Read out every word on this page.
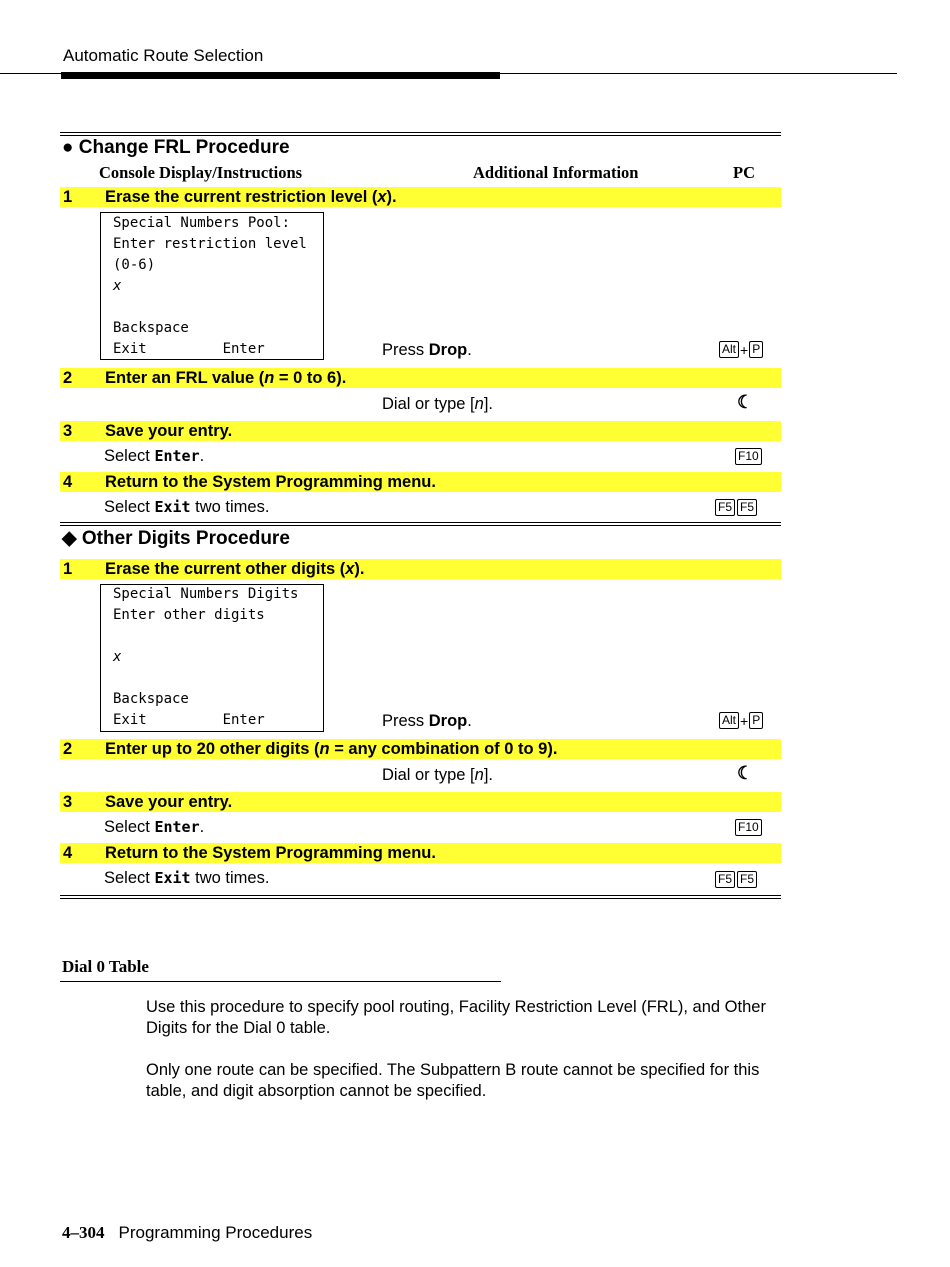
Automatic Route Selection
● Change FRL Procedure
Console Display/Instructions	Additional Information	PC
1 Erase the current restriction level (x).
Special Numbers Pool:
Enter restriction level
(0-6)
x
Backspace
Exit         Enter	Press Drop.	Alt + P
2 Enter an FRL value (n = 0 to 6).
Dial or type [n].	☾
3 Save your entry.
Select Enter.	F10
4 Return to the System Programming menu.
Select Exit two times.	F5 F5
◆ Other Digits Procedure
1 Erase the current other digits (x).
Special Numbers Digits
Enter other digits
x
Backspace
Exit         Enter	Press Drop.	Alt + P
2 Enter up to 20 other digits (n = any combination of 0 to 9).
Dial or type [n].	☾
3 Save your entry.
Select Enter.	F10
4 Return to the System Programming menu.
Select Exit two times.	F5 F5
Dial 0 Table
Use this procedure to specify pool routing, Facility Restriction Level (FRL), and Other Digits for the Dial 0 table.
Only one route can be specified. The Subpattern B route cannot be specified for this table, and digit absorption cannot be specified.
4–304 Programming Procedures
